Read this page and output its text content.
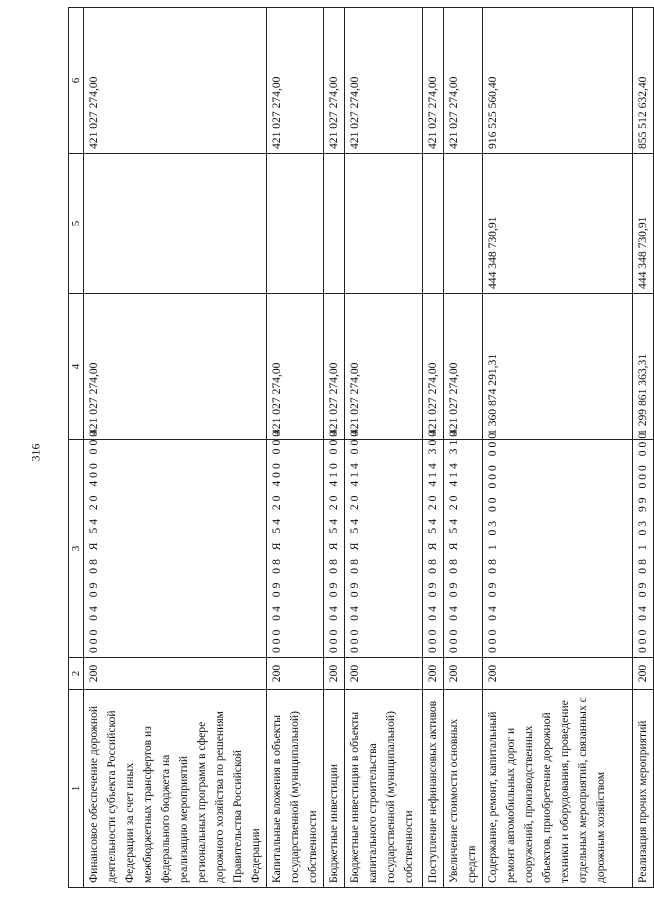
316
1	2	3	4	5	6
Финансовое обеспечение дорожной деятельности субъекта Российской Федерации за счет иных межбюджетных трансфертов из федерального бюджета на реализацию мероприятий региональных программ в сфере дорожного хозяйства по решениям Правительства Российской Федерации	200	000 04 09 08 Я 54 20 400 000	421 027 274,00		421 027 274,00
Капитальные вложения в объекты государственной (муниципальной) собственности	200	000 04 09 08 Я 54 20 400 000	421 027 274,00		421 027 274,00
Бюджетные инвестиции	200	000 04 09 08 Я 54 20 410 000	421 027 274,00		421 027 274,00
Бюджетные инвестиции в объекты капитального строительства государственной (муниципальной) собственности	200	000 04 09 08 Я 54 20 414 000	421 027 274,00		421 027 274,00
Поступление нефинансовых активов	200	000 04 09 08 Я 54 20 414 300	421 027 274,00		421 027 274,00
Увеличение стоимости основных средств	200	000 04 09 08 Я 54 20 414 310	421 027 274,00		421 027 274,00
Содержание, ремонт, капитальный ремонт автомобильных дорог и сооружений, производственных объектов, приобретение дорожной техники и оборудования, проведение отдельных мероприятий, связанных с дорожным хозяйством	200	000 04 09 08 1 03 00 000 000	1 360 874 291,31	444 348 730,91	916 525 560,40
Реализация прочих мероприятий	200	000 04 09 08 1 03 99 000 000	1 299 861 363,31	444 348 730,91	855 512 632,40
